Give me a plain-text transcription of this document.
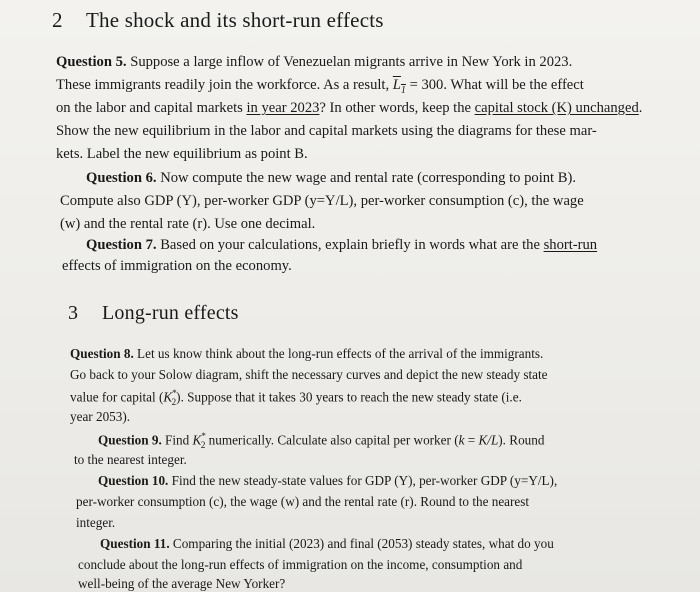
2 The shock and its short-run effects
Question 5. Suppose a large inflow of Venezuelan migrants arrive in New York in 2023.
These immigrants readily join the workforce. As a result, $L_1 = 300$. What will be the effect
on the labor and capital markets in year 2023? In other words, keep the capital stock (K) unchanged.
Show the new equilibrium in the labor and capital markets using the diagrams for these mar-
kets. Label the new equilibrium as point B.
Question 6. Now compute the new wage and rental rate (corresponding to point B).
Compute also GDP (Y), per-worker GDP (y=Y/L), per-worker consumption (c), the wage
(w) and the rental rate (r). Use one decimal.
Question 7. Based on your calculations, explain briefly in words what are the short-run
effects of immigration on the economy.
3 Long-run effects
Question 8. Let us know think about the long-run effects of the arrival of the immigrants.
Go back to your Solow diagram, shift the necessary curves and depict the new steady state
value for capital $(K^*_2)$. Suppose that it takes 30 years to reach the new steady state (i.e.
year 2053).
Question 9. Find $K^*_2$ numerically. Calculate also capital per worker (k = K/L). Round
to the nearest integer.
Question 10. Find the new steady-state values for GDP (Y), per-worker GDP (y=Y/L),
per-worker consumption (c), the wage (w) and the rental rate (r). Round to the nearest
integer.
Question 11. Comparing the initial (2023) and final (2053) steady states, what do you
conclude about the long-run effects of immigration on the income, consumption and
well-being of the average New Yorker?
